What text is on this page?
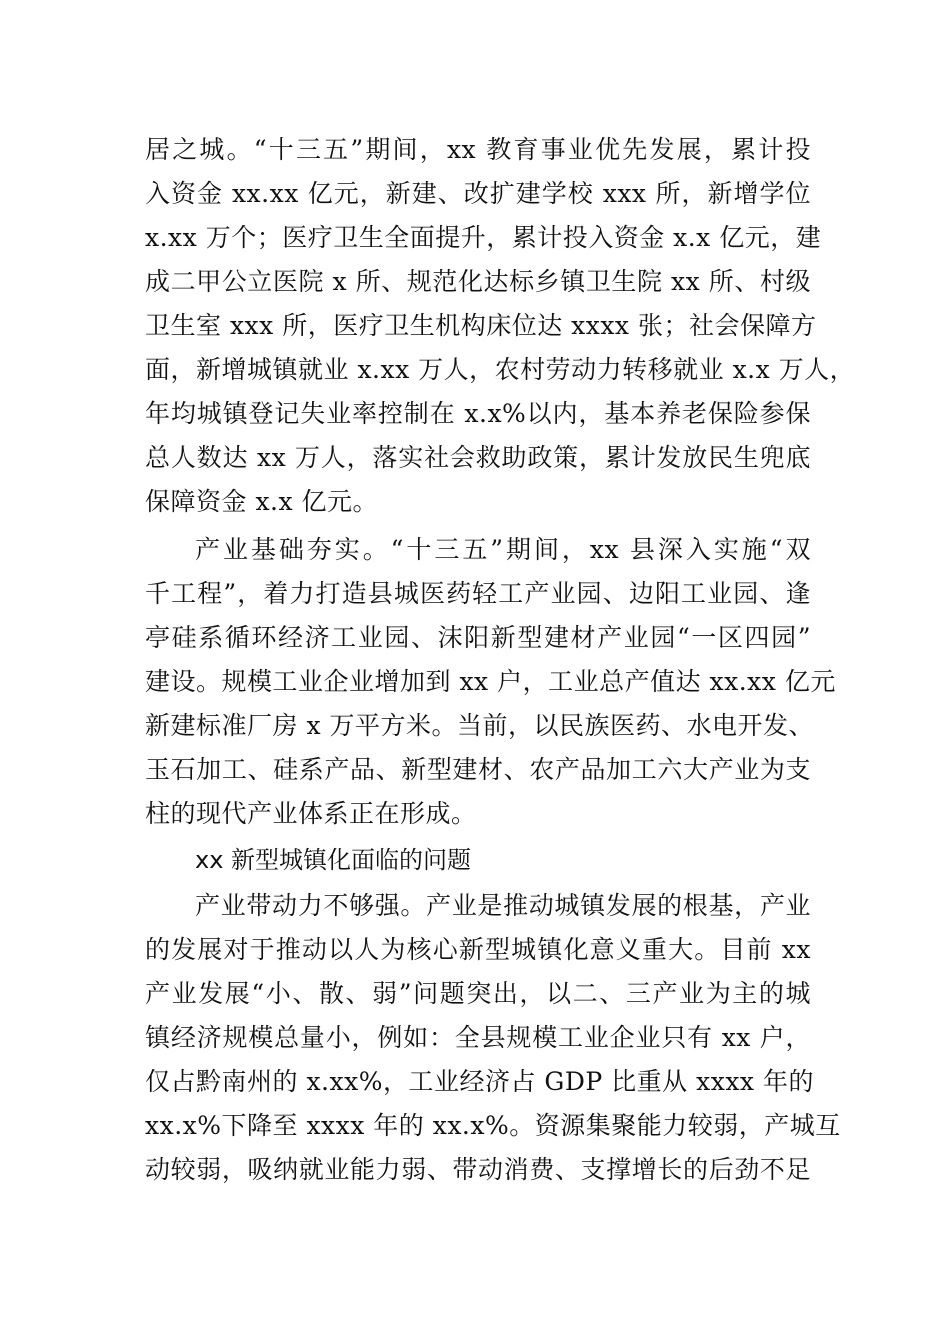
居之城。“十三五”期间，xx 教育事业优先发展，累计投
入资金 xx.xx 亿元，新建、改扩建学校 xxx 所，新增学位
x.xx 万个；医疗卫生全面提升，累计投入资金 x.x 亿元，建
成二甲公立医院 x 所、规范化达标乡镇卫生院 xx 所、村级
卫生室 xxx 所，医疗卫生机构床位达 xxxx 张；社会保障方
面，新增城镇就业 x.xx 万人，农村劳动力转移就业 x.x 万人，
年均城镇登记失业率控制在 x.x%以内，基本养老保险参保
总人数达 xx 万人，落实社会救助政策，累计发放民生兜底
保障资金 x.x 亿元。
产业基础夯实。“十三五”期间，xx 县深入实施“双
千工程”，着力打造县城医药轻工产业园、边阳工业园、逢
亭硅系循环经济工业园、沫阳新型建材产业园“一区四园”
建设。规模工业企业增加到 xx 户，工业总产值达 xx.xx 亿元
新建标准厂房 x 万平方米。当前，以民族医药、水电开发、
玉石加工、硅系产品、新型建材、农产品加工六大产业为支
柱的现代产业体系正在形成。
xx 新型城镇化面临的问题
产业带动力不够强。产业是推动城镇发展的根基，产业
的发展对于推动以人为核心新型城镇化意义重大。目前 xx
产业发展“小、散、弱”问题突出，以二、三产业为主的城
镇经济规模总量小，例如：全县规模工业企业只有 xx 户，
仅占黔南州的 x.xx%，工业经济占 GDP 比重从 xxxx 年的
xx.x%下降至 xxxx 年的 xx.x%。资源集聚能力较弱，产城互
动较弱，吸纳就业能力弱、带动消费、支撑增长的后劲不足
